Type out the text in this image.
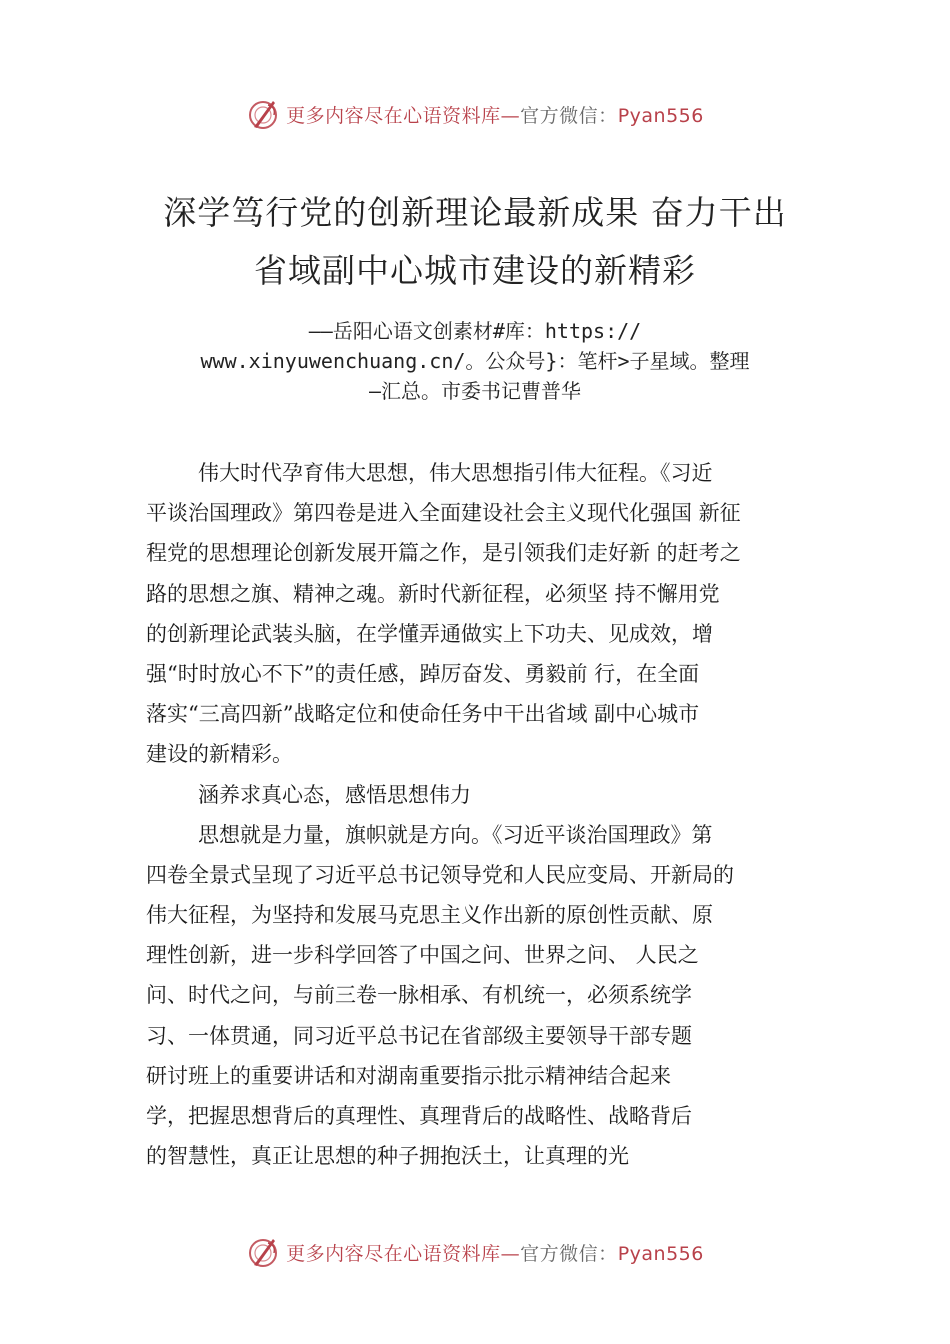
更多内容尽在心语资料库—官方微信：Pyan556
深学笃行党的创新理论最新成果 奋力干出
省域副中心城市建设的新精彩
——岳阳心语文创素材#库：https://
www.xinyuwenchuang.cn/。公众号}：笔杆>子星域。整理
—汇总。市委书记曹普华
伟大时代孕育伟大思想，伟大思想指引伟大征程。《习近
平谈治国理政》第四卷是进入全面建设社会主义现代化强国 新征
程党的思想理论创新发展开篇之作，是引领我们走好新 的赶考之
路的思想之旗、精神之魂。新时代新征程，必须坚 持不懈用党
的创新理论武装头脑，在学懂弄通做实上下功夫、见成效，增
强“时时放心不下”的责任感，踔厉奋发、勇毅前 行，在全面
落实“三高四新”战略定位和使命任务中干出省域 副中心城市
建设的新精彩。
涵养求真心态，感悟思想伟力
思想就是力量，旗帜就是方向。《习近平谈治国理政》第
四卷全景式呈现了习近平总书记领导党和人民应变局、开新局的
伟大征程，为坚持和发展马克思主义作出新的原创性贡献、原
理性创新，进一步科学回答了中国之问、世界之问、 人民之
问、时代之问，与前三卷一脉相承、有机统一，必须系统学
习、一体贯通，同习近平总书记在省部级主要领导干部专题
研讨班上的重要讲话和对湖南重要指示批示精神结合起来
学，把握思想背后的真理性、真理背后的战略性、战略背后
的智慧性，真正让思想的种子拥抱沃土，让真理的光
更多内容尽在心语资料库—官方微信：Pyan556
